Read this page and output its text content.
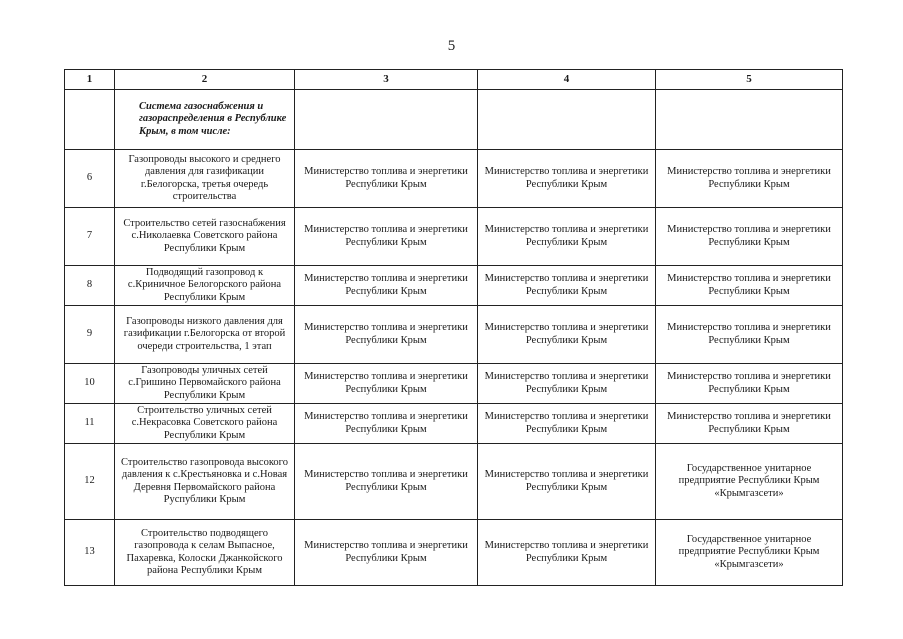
5
1	2	3	4	5
	Система газоснабжения и газораспределения в Республике Крым, в том числе:			
6	Газопроводы высокого и среднего давления для газификации г.Белогорска, третья очередь строительства	Министерство топлива и энергетики Республики Крым	Министерство топлива и энергетики Республики Крым	Министерство топлива и энергетики Республики Крым
7	Строительство сетей газоснабжения с.Николаевка Советского района Республики Крым	Министерство топлива и энергетики Республики Крым	Министерство топлива и энергетики Республики Крым	Министерство топлива и энергетики Республики Крым
8	Подводящий газопровод к с.Криничное Белогорского района Республики Крым	Министерство топлива и энергетики Республики Крым	Министерство топлива и энергетики Республики Крым	Министерство топлива и энергетики Республики Крым
9	Газопроводы низкого давления для газификации г.Белогорска от второй очереди строительства, 1 этап	Министерство топлива и энергетики Республики Крым	Министерство топлива и энергетики Республики Крым	Министерство топлива и энергетики Республики Крым
10	Газопроводы уличных сетей с.Гришино Первомайского района Республики Крым	Министерство топлива и энергетики Республики Крым	Министерство топлива и энергетики Республики Крым	Министерство топлива и энергетики Республики Крым
11	Строительство уличных сетей с.Некрасовка Советского района Республики Крым	Министерство топлива и энергетики Республики Крым	Министерство топлива и энергетики Республики Крым	Министерство топлива и энергетики Республики Крым
12	Строительство газопровода высокого давления к с.Крестьяновка и с.Новая Деревня Первомайского района Руспублики Крым	Министерство топлива и энергетики Республики Крым	Министерство топлива и энергетики Республики Крым	Государственное унитарное предприятие Республики Крым «Крымгазсети»
13	Строительство подводящего газопровода к селам Выпасное, Пахаревка, Колоски Джанкойского района Республики Крым	Министерство топлива и энергетики Республики Крым	Министерство топлива и энергетики Республики Крым	Государственное унитарное предприятие Республики Крым «Крымгазсети»
